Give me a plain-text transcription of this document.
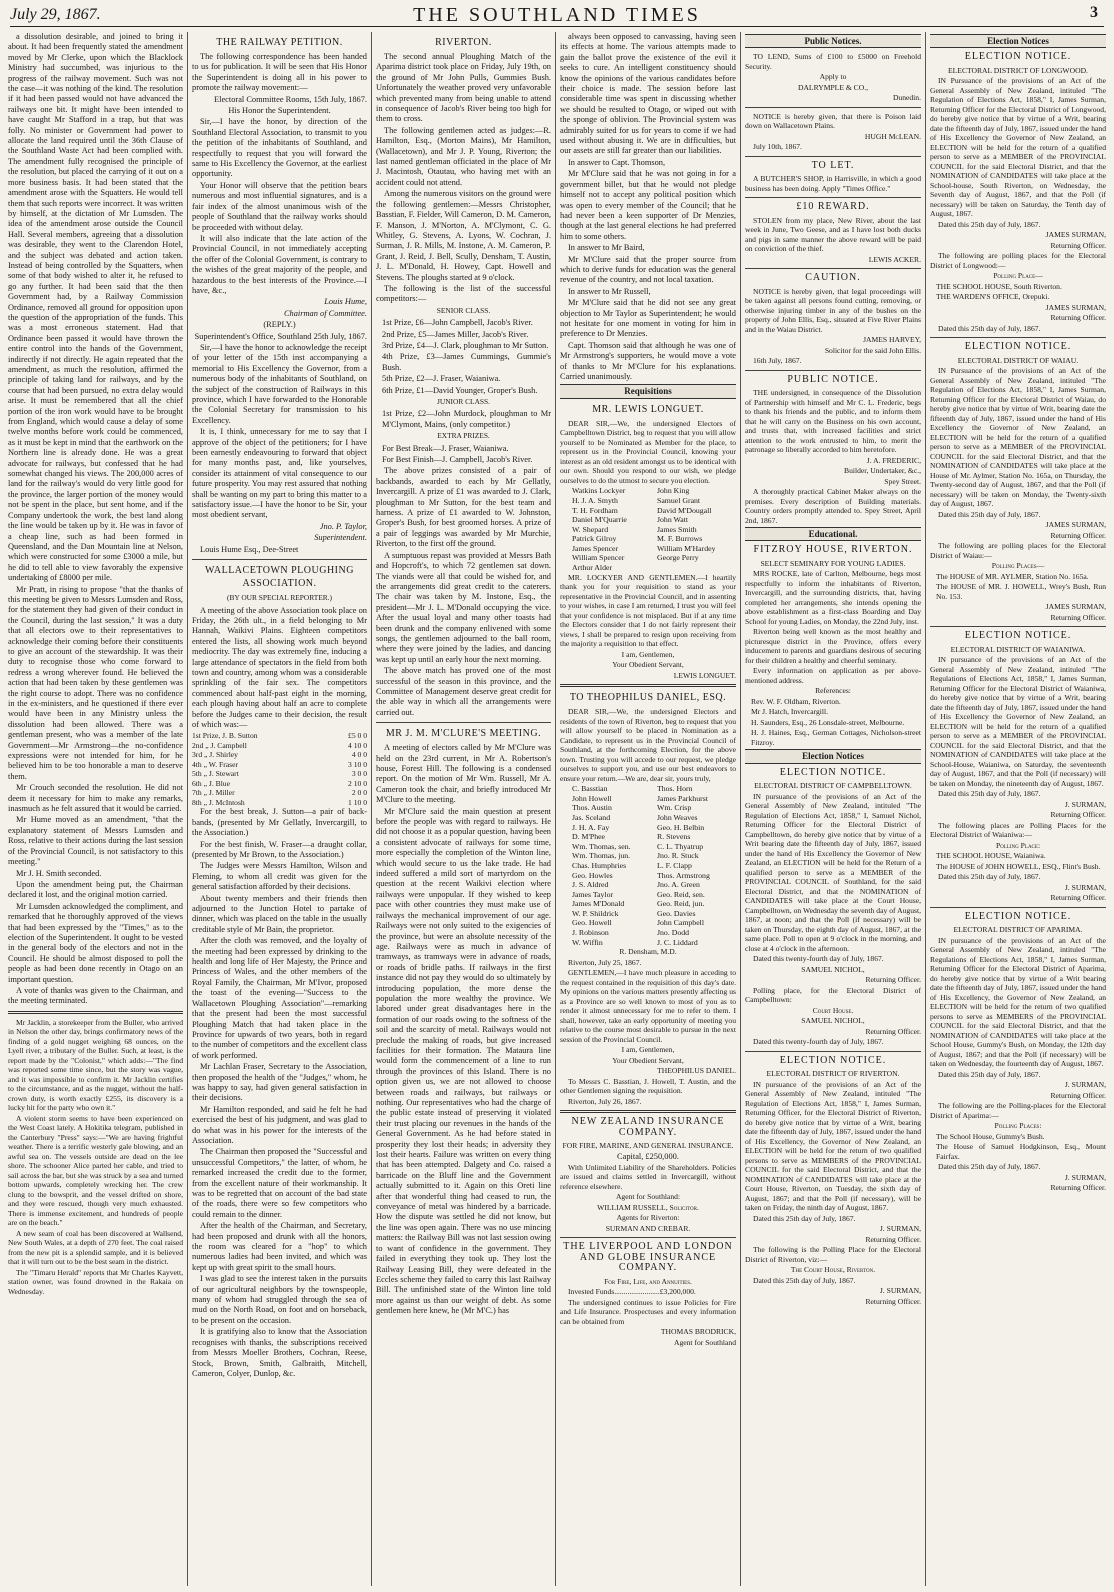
July 29, 1867.	THE SOUTHLAND TIMES	3

a dissolution desirable, and joined to bring it about. It had been frequently stated the amendment moved by Mr Clerke, upon which the Blacklock Ministry had succumbed, was injurious to the progress of the railway movement. Such was not the case—it was nothing of the kind. The resolution if it had been passed would not have advanced the railways one bit. It might have been intended to have caught Mr Stafford in a trap, but that was folly. No minister or Government had power to allocate the land required until the 36th Clause of the Southland Waste Act had been complied with. The amendment fully recognised the principle of the resolution, but placed the carrying of it out on a more business basis. It had been stated that the amendment arose with the Squatters. He would tell them that such reports were incorrect. It was written by himself, at the dictation of Mr Lumsden. The idea of the amendment arose outside the Council Hall. Several members, agreeing that a dissolution was desirable, they went to the Clarendon Hotel, and the subject was debated and action taken. Instead of being controlled by the Squatters, when some of that body wished to alter it, he refused to go any further. It had been said that the then Government had, by a Railway Commission Ordinance, removed all ground for opposition upon the question of the appropriation of the funds. This was a most erroneous statement. Had that Ordinance been passed it would have thrown the entire control into the hands of the Government, indirectly if not directly. He again repeated that the amendment, as much the resolution, affirmed the principle of taking land for railways, and by the course that had been pursued, no extra delay would arise. It must be remembered that all the chief portion of the iron work would have to be brought from England, which would cause a delay of some twelve months before work could be commenced, as it must be kept in mind that the earthwork on the Northern line is already done. He was a great advocate for railways, but confessed that he had somewhat changed his views. The 200,000 acres of land for the railway's would do very little good for the province, the larger portion of the money would not be spent in the place, but sent home, and if the Company undertook the work, the best land along the line would be taken up by it. He was in favor of a cheap line, such as had been formed in Queensland, and the Dan Mountain line at Nelson, which were constructed for some £3000 a mile, but he did to tell able to view favorably the expensive undertaking of £8000 per mile.

Mr Pratt, in rising to propose "that the thanks of this meeting be given to Messrs Lumsden and Ross, for the statement they had given of their conduct in the Council, during the last session," It was a duty that all electors owe to their representatives to acknowledge their coming before their constituents to give an account of the stewardship. It was their duty to recognise those who come forward to redress a wrong wherever found. He believed the action that had been taken by these gentlemen was the right course to adopt. There was no confidence in the ex-ministers, and he questioned if there ever would have been in any Ministry unless the dissolution had been allowed. There was a gentleman present, who was a member of the late Government—Mr Armstrong—the no-confidence expressions were not intended for him, for he believed him to be too honorable a man to deserve them.

Mr Crouch seconded the resolution. He did not deem it necessary for him to make any remarks, inasmuch as he felt assured that it would be carried.

Mr Hume moved as an amendment, "that the explanatory statement of Messrs Lumsden and Ross, relative to their actions during the last session of the Provincial Council, is not satisfactory to this meeting."

Mr J. H. Smith seconded.

Upon the amendment being put, the Chairman declared it lost, and the original motion carried.

Mr Lumsden acknowledged the compliment, and remarked that he thoroughly approved of the views that had been expressed by the "Times," as to the election of the Superintendent. It ought to be vested in the general body of the electors and not in the Council. He should be almost disposed to poll the people as had been done recently in Otago on an important question.

A vote of thanks was given to the Chairman, and the meeting terminated.

Mr Jacklin, a storekeeper from the Buller, who arrived in Nelson the other day, brings confirmatory news of the finding of a gold nugget weighing 68 ounces, on the Lyell river, a tributary of the Buller. Such, at least, is the report made by the "Colonist," which adds:—"The find was reported some time since, but the story was vague, and it was impossible to confirm it. Mr Jacklin certifies to the circumstance, and as the nugget, without the half-crown duty, is worth exactly £255, its discovery is a lucky hit for the party who own it."

A violent storm seems to have been experienced on the West Coast lately. A Hokitika telegram, published in the Canterbury "Press" says:—"We are having frightful weather. There is a terrific westerly gale blowing, and an awful sea on. The vessels outside are dead on the lee shore. The schooner Alice parted her cable, and tried to sail across the bar, but she was struck by a sea and turned bottom upwards, completely wrecking her. The crew clung to the bowsprit, and the vessel drifted on shore, and they were rescued, though very much exhausted. There is immense excitement, and hundreds of people are on the beach."

A new seam of coal has been discovered at Wallsend, New South Wales, at a depth of 270 feet. The coal raised from the new pit is a splendid sample, and it is believed that it will turn out to be the best seam in the district.

The "Timaru Herald" reports that Mr Charles Kayvett, station owner, was found drowned in the Rakaia on Wednesday.

THE RAILWAY PETITION.

The following correspondence has been handed to us for publication. It will be seen that His Honor the Superintendent is doing all in his power to promote the railway movement:—

Electoral Committee Rooms, 15th July, 1867.

His Honor the Superintendent.

Sir,—I have the honor, by direction of the Southland Electoral Association, to transmit to you the petition of the inhabitants of Southland, and respectfully to request that you will forward the same to His Excellency the Governor, at the earliest opportunity.

Your Honor will observe that the petition bears numerous and most influential signatures, and is a fair index of the almost unanimous wish of the people of Southland that the railway works should be proceeded with without delay.

It will also indicate that the late action of the Provincial Council, in not immediately accepting the offer of the Colonial Government, is contrary to the wishes of the great majority of the people, and hazardous to the best interests of the Province.—I have, &c.,

Louis Hume,

Chairman of Committee.

(REPLY.)

Superintendent's Office, Southland 25th July, 1867.

Sir,—I have the honor to acknowledge the receipt of your letter of the 15th inst accompanying a memorial to His Excellency the Governor, from a numerous body of the inhabitants of Southland, on the subject of the construction of Railways in this province, which I have forwarded to the Honorable the Colonial Secretary for transmission to his Excellency.

It is, I think, unnecessary for me to say that I approve of the object of the petitioners; for I have been earnestly endeavouring to forward that object for many months past, and, like yourselves, consider its attainment of vital consequence to our future prosperity. You may rest assured that nothing shall be wanting on my part to bring this matter to a satisfactory issue.—I have the honor to be Sir, your most obedient servant,

Jno. P. Taylor,

Superintendent.

Louis Hume Esq., Dee-Street

WALLACETOWN PLOUGHING ASSOCIATION.
(BY OUR SPECIAL REPORTER.)

A meeting of the above Association took place on Friday, the 26th ult., in a field belonging to Mr Hannah, Waikivi Plains. Eighteen competitors entered the lists, all showing work much beyond mediocrity. The day was extremely fine, inducing a large attendance of spectators in the field from both town and country, among whom was a considerable sprinkling of the fair sex. The competitors commenced about half-past eight in the morning, each plough having about half an acre to complete before the Judges came to their decision, the result of which was:—

1st Prize, J. B. Sutton	£5 0 0
2nd „ J. Campbell	4 10 0
3rd „ J. Shirley	4 0 0
4th „ W. Fraser	3 10 0
5th „ J. Stewart	3 0 0
6th „ J. Blue	2 10 0
7th „ J. Miller	2 0 0
8th „ J. McIntosh	1 10 0

For the best break, J. Sutton—a pair of back-bands, (presented by Mr Gellatly, Invercargill, to the Association.)

For the best finish, W. Fraser—a draught collar, (presented by Mr Brown, to the Association.)

The Judges were Messrs Hamilton, Wilson and Fleming, to whom all credit was given for the general satisfaction afforded by their decisions.

About twenty members and their friends then adjourned to the Junction Hotel to partake of dinner, which was placed on the table in the usually creditable style of Mr Bain, the proprietor.

After the cloth was removed, and the loyalty of the meeting had been expressed by drinking to the health and long life of Her Majesty, the Prince and Princess of Wales, and the other members of the Royal Family, the Chairman, Mr M'Ivor, proposed the toast of the evening—"Success to the Wallacetown Ploughing Association"—remarking that the present had been the most successful Ploughing Match that had taken place in the Province for upwards of two years, both in regard to the number of competitors and the excellent class of work performed.

Mr Lachlan Fraser, Secretary to the Association, then proposed the health of the "Judges," whom, he was happy to say, had given general satisfaction in their decisions.

Mr Hamilton responded, and said he felt he had exercised the best of his judgment, and was glad to do what was in his power for the interests of the Association.

The Chairman then proposed the "Successful and unsuccessful Competitors," the latter, of whom, he remarked increased the credit due to the former, from the excellent nature of their workmanship. It was to be regretted that on account of the bad state of the roads, there were so few competitors who could remain to the dinner.

After the health of the Chairman, and Secretary, had been proposed and drunk with all the honors, the room was cleared for a "hop" to which numerous ladies had been invited, and which was kept up with great spirit to the small hours.

I was glad to see the interest taken in the pursuits of our agricultural neighbors by the townspeople, many of whom had struggled through the sea of mud on the North Road, on foot and on horseback, to be present on the occasion.

It is gratifying also to know that the Association recognises with thanks, the subscriptions received from Messrs Moeller Brothers, Cochran, Reese, Stock, Brown, Smith, Galbraith, Mitchell, Cameron, Colyer, Dunlop, &c.

RIVERTON.

The second annual Ploughing Match of the Aparima district took place on Friday, July 19th, on the ground of Mr John Pulls, Gummies Bush. Unfortunately the weather proved very unfavorable which prevented many from being unable to attend in consequence of Jacob's River being too high for them to cross.

The following gentlemen acted as judges:—R. Hamilton, Esq., (Morton Mains), Mr Hamilton, (Wallacetown), and Mr J. P. Young, Riverton; the last named gentleman officiated in the place of Mr J. Macintosh, Otautau, who having met with an accident could not attend.

Among the numerous visitors on the ground were the following gentlemen:—Messrs Christopher, Basstian, F. Fielder, Will Cameron, D. M. Cameron, F. Manson, J. M'Norton, A. M'Clymont, C. G. Whitley, G. Stevens, A. Lyons, W. Cochran, J. Surman, J. R. Mills, M. Instone, A. M. Cameron, P. Grant, J. Reid, J. Bell, Scully, Densham, T. Austin, J. L. M'Donald, H. Howey, Capt. Howell and Stevens. The ploughs started at 9 o'clock.

The following is the list of the successful competitors:—

SENIOR CLASS.

1st Prize, £6—John Campbell, Jacob's River.

2nd Prize, £5—James Miller, Jacob's River.

3rd Prize, £4—J. Clark, ploughman to Mr Sutton.

4th Prize, £3—James Cummings, Gummie's Bush.

5th Prize, £2—J. Fraser, Waianiwa.

6th Prize, £1—David Younger, Groper's Bush.

JUNIOR CLASS.

1st Prize, £2—John Murdock, ploughman to Mr M'Clymont, Mains, (only competitor.)

EXTRA PRIZES.

For Best Break—J. Fraser, Waianiwa.

For Best Finish—J. Campbell, Jacob's River.

The above prizes consisted of a pair of backbands, awarded to each by Mr Gellatly, Invercargill. A prize of £1 was awarded to J. Clark, ploughman to Mr Sutton, for the best team and harness. A prize of £1 awarded to W. Johnston, Groper's Bush, for best groomed horses. A prize of a pair of leggings was awarded by Mr Murchie, Riverton, to the first off the ground.

A sumptuous repast was provided at Messrs Bath and Hopcroft's, to which 72 gentlemen sat down. The viands were all that could be wished for, and the arrangements did great credit to the caterers. The chair was taken by M. Instone, Esq., the president—Mr J. L. M'Donald occupying the vice. After the usual loyal and many other toasts had been drunk and the company enlivened with some songs, the gentlemen adjourned to the ball room, where they were joined by the ladies, and dancing was kept up until an early hour the next morning.

The above match has proved one of the most successful of the season in this province, and the Committee of Management deserve great credit for the able way in which all the arrangements were carried out.

MR J. M. M'CLURE'S MEETING.

A meeting of electors called by Mr M'Clure was held on the 23rd current, in Mr A. Robertson's house, Forest Hill. The following is a condensed report. On the motion of Mr Wm. Russell, Mr A. Cameron took the chair, and briefly introduced Mr M'Clure to the meeting.

Mr M'Clure said the main question at present before the people was with regard to railways. He did not choose it as a popular question, having been a consistent advocate of railways for some time, more especially the completion of the Winton line, which would secure to us the lake trade. He had indeed suffered a mild sort of martyrdom on the question at the recent Waikivi election where railways were unpopular. If they wished to keep pace with other countries they must make use of railways the mechanical improvement of our age. Railways were not only suited to the exigencies of the province, but were an absolute necessity of the age. Railways were as much in advance of tramways, as tramways were in advance of roads, or roads of bridle paths. If railways in the first instance did not pay they would do so ultimately by introducing population, the more dense the population the more wealthy the province. We labored under great disadvantages here in the formation of our roads owing to the softness of the soil and the scarcity of metal. Railways would not preclude the making of roads, but give increased facilities for their formation. The Mataura line would form the commencement of a line to run through the provinces of this Island. There is no option given us, we are not allowed to choose between roads and railways, but railways or nothing. Our representatives who had the charge of the public estate instead of preserving it violated their trust placing our revenues in the hands of the General Government. As he had before stated in prosperity they lost their heads; in adversity they lost their hearts. Failure was written on every thing that has been attempted. Dalgety and Co. raised a barricade on the Bluff line and the Government actually submitted to it. Again on this Oreti line after that wonderful thing had ceased to run, the conveyance of metal was hindered by a barricade. How the dispute was settled he did not know, but the line was open again. There was no use mincing matters: the Railway Bill was not last session owing to want of confidence in the government. They failed in everything they took up. They lost the Railway Leasing Bill, they were defeated in the Eccles scheme they failed to carry this last Railway Bill. The unfinished state of the Winton line told more against us than our weight of debt. As some gentlemen here knew, he (Mr M'C.) has

always been opposed to canvassing, having seen its effects at home. The various attempts made to gain the ballot prove the existence of the evil it seeks to cure. An intelligent constituency should know the opinions of the various candidates before their choice is made. The session before last considerable time was spent in discussing whether we should be resulted to Otago, or wiped out with the sponge of oblivion. The Provincial system was admirably suited for us for years to come if we had used without abusing it. We are in difficulties, but our assets are still far greater than our liabilities.

In answer to Capt. Thomson,

Mr M'Clure said that he was not going in for a government billet, but that he would not pledge himself not to accept any political position which was open to every member of the Council; that he had never been a keen supporter of Dr Menzies, though at the last general elections he had preferred him to some others.

In answer to Mr Baird,

Mr M'Clure said that the proper source from which to derive funds for education was the general revenue of the country, and not local taxation.

In answer to Mr Russell,

Mr M'Clure said that he did not see any great objection to Mr Taylor as Superintendent; he would not hesitate for one moment in voting for him in preference to Dr Menzies.

Capt. Thomson said that although he was one of Mr Armstrong's supporters, he would move a vote of thanks to Mr M'Clure for his explanations. Carried unanimously.

Requisitions
MR. LEWIS LONGUET.

DEAR SIR,—We, the undersigned Electors of Campbelltown District, beg to request that you will allow yourself to be Nominated as Member for the place, to represent us in the Provincial Council, knowing your interest as an old resident amongst us to be identical with our own. Should you respond to our wish, we pledge ourselves to do the utmost to secure you election.

Watkins Lockyer
H. J. A. Smyth
T. H. Fordham
Daniel M'Quarrie
W. Shepard
Patrick Gilroy
James Spencer
William Spencer
Arthur Alder
John King
Samuel Grant
David M'Dougall
John Watt
James Smith
M. F. Burrows
William M'Hardey
George Perry

MR. LOCKYER AND GENTLEMEN.—I heartily thank you for your requisition to stand as your representative in the Provincial Council, and in assenting to your wishes, in case I am returned, I trust you will feel that your confidence is not misplaced. But if at any time the Electors consider that I do not fairly represent their views, I shall be prepared to resign upon receiving from the majority a requisition to that effect.

I am, Gentlemen,

Your Obedient Servant,

LEWIS LONGUET.

TO THEOPHILUS DANIEL, ESQ.

DEAR SIR,—We, the undersigned Electors and residents of the town of Riverton, beg to request that you will allow yourself to be placed in Nomination as a Candidate, to represent us in the Provincial Council of Southland, at the forthcoming Election, for the above town. Trusting you will accede to our request, we pledge ourselves to support you, and use our best endeavors to ensure your return.—We are, dear sir, yours truly,

C. Basstian
John Howell
Thos. Austin
Jas. Sceland
J. H. A. Fay
D. M'Phee
Wm. Thomas, sen.
Wm. Thomas, jun.
Chas. Humphries
Geo. Howles
J. S. Aldred
James Taylor
James M'Donald
W. P. Shildrick
Geo. Howell
J. Robinson
W. Wiffin
Thos. Horn
James Parkhurst
Wm. Crisp
John Weaves
Geo. H. Belbin
R. Stevens
C. L. Thyatrup
Jno. R. Stuck
L. F. Clapp
Thos. Armstrong
Jno. A. Green
Geo. Reid, sen.
Geo. Reid, jun.
Geo. Davies
John Campbell
Jno. Dodd
J. C. Liddard

R. Densham, M.D.

Riverton, July 25, 1867.

GENTLEMEN,—I have much pleasure in acceding to the request contained in the requisition of this day's date. My opinions on the various matters presently affecting us as a Province are so well known to most of you as to render it almost unnecessary for me to refer to them. I shall, however, take an early opportunity of meeting you relative to the course most desirable to pursue in the next session of the Provincial Council.

I am, Gentlemen,

Your Obedient Servant,

THEOPHILUS DANIEL.

To Messrs C. Basstian, J. Howell, T. Austin, and the other Gentlemen signing the requisition.

Riverton, July 26, 1867.

NEW ZEALAND INSURANCE COMPANY.

FOR FIRE, MARINE, AND GENERAL INSURANCE.

Capital, £250,000.

With Unlimited Liability of the Shareholders. Policies are issued and claims settled in Invercargill, without reference elsewhere.

Agent for Southland:

WILLIAM RUSSELL, Solicitor.

Agents for Riverton:

SURMAN AND CREBAR.

THE LIVERPOOL AND LONDON AND GLOBE INSURANCE COMPANY.

For Fire, Life, and Annuities.

Invested Funds........................£3,200,000.

The undersigned continues to issue Policies for Fire and Life Insurance. Prospectuses and every information can be obtained from

THOMAS BRODRICK,

Agent for Southland

Public Notices.

TO LEND, Sums of £100 to £5000 on Freehold Security.

Apply to

DALRYMPLE & CO.,

Dunedin.

NOTICE is hereby given, that there is Poison laid down on Wallacetown Plains.

HUGH McLEAN.

July 10th, 1867.

TO LET.

A BUTCHER'S SHOP, in Harrisville, in which a good business has been doing. Apply "Times Office."

£10 REWARD.

STOLEN from my place, New River, about the last week in June, Two Geese, and as I have lost both ducks and pigs in same manner the above reward will be paid on conviction of the thief.

LEWIS ACKER.

CAUTION.

NOTICE is hereby given, that legal proceedings will be taken against all persons found cutting, removing, or otherwise injuring timber in any of the bushes on the property of John Ellis, Esq., situated at Five River Plains and in the Waiau District.

JAMES HARVEY,

Solicitor for the said John Ellis.

16th July, 1867.

PUBLIC NOTICE.

THE undersigned, in consequence of the Dissolution of Partnership with himself and Mr C. L. Frederic, begs to thank his friends and the public, and to inform them that he will carry on the Business on his own account, and trusts that, with increased facilities and strict attention to the work entrusted to him, to merit the patronage so liberally accorded to him heretofore.

J. A. FREDERIC,

Builder, Undertaker, &c.,

Spey Street.

A thoroughly practical Cabinet Maker always on the premises. Every description of Building materials. Country orders promptly attended to. Spey Street, April 2nd, 1867.

Educational.
FITZROY HOUSE, RIVERTON.

SELECT SEMINARY FOR YOUNG LADIES.

MRS ROCKE, late of Carlton, Melbourne, begs most respectfully to inform the inhabitants of Riverton, Invercargill, and the surrounding districts, that, having completed her arrangements, she intends opening the above establishment as a first-class Boarding and Day School for young Ladies, on Monday, the 22nd July, inst.

Riverton being well known as the most healthy and picturesque district in the Province, offers every inducement to parents and guardians desirous of securing for their children a healthy and cheerful seminary.

Every information on application as per above-mentioned address.

References:

Rev. W. F. Oldham, Riverton.

Mr J. Hatch, Invercargill.

H. Saunders, Esq., 26 Lonsdale-street, Melbourne.

H. J. Haines, Esq., German Cottages, Nicholson-street Fitzroy.

Election Notices
ELECTION NOTICE.

ELECTORAL DISTRICT OF CAMPBELLTOWN.

IN pursuance of the provisions of an Act of the General Assembly of New Zealand, intituled "The Regulation of Elections Act, 1858," I, Samuel Nichol, Returning Officer for the Electoral District of Campbelltown, do hereby give notice that by virtue of a Writ bearing date the fifteenth day of July, 1867, issued under the hand of His Excellency the Governor of New Zealand, an ELECTION will be held for the Return of a qualified person to serve as a MEMBER of the PROVINCIAL COUNCIL of Southland, for the said Electoral District, and that the NOMINATION of CANDIDATES will take place at the Court House, Campbelltown, on Wednesday the seventh day of August, 1867, at noon; and that the Poll (if necessary) will be taken on Thursday, the eighth day of August, 1867, at the same place. Poll to open at 9 o'clock in the morning, and close at 4 o'clock in the afternoon.

Dated this twenty-fourth day of July, 1867.

SAMUEL NICHOL,

Returning Officer.

Polling place, for the Electoral District of Campbelltown:

Court House.

SAMUEL NICHOL,

Returning Officer.

Dated this twenty-fourth day of July, 1867.

ELECTION NOTICE.

ELECTORAL DISTRICT OF RIVERTON.

IN pursuance of the provisions of an Act of the General Assembly of New Zealand, intituled "The Regulation of Elections Act, 1858," I, James Surman, Returning Officer, for the Electoral District of Riverton, do hereby give notice that by virtue of a Writ, bearing date the fifteenth day of July, 1867, issued under the hand of His Excellency, the Governor of New Zealand, an ELECTION will be held for the return of two qualified persons to serve as MEMBERS of the PROVINCIAL COUNCIL for the said Electoral District, and that the NOMINATION of CANDIDATES will take place at the Court House, Riverton, on Tuesday, the sixth day of August, 1867; and that the Poll (if necessary), will be taken on Friday, the ninth day of August, 1867.

Dated this 25th day of July, 1867.

J. SURMAN,

Returning Officer.

The following is the Polling Place for the Electoral District of Riverton, viz:—

The Court House, Riverton.

Dated this 25th day of July, 1867.

J. SURMAN,

Returning Officer.

Election Notices
ELECTION NOTICE.

ELECTORAL DISTRICT OF LONGWOOD.

IN Pursuance of the provisions of an Act of the General Assembly of New Zealand, intituled "The Regulation of Elections Act, 1858," I, James Surman, Returning Officer for the Electoral District of Longwood, do hereby give notice that by virtue of a Writ, bearing date the fifteenth day of July, 1867, issued under the hand of His Excellency the Governor of New Zealand, an ELECTION will be held for the return of a qualified person to serve as a MEMBER of the PROVINCIAL COUNCIL for the said Electoral District, and that the NOMINATION of CANDIDATES will take place at the School-house, South Riverton, on Wednesday, the Seventh day of August, 1867, and that the Poll (if necessary) will be taken on Saturday, the Tenth day of August, 1867.

Dated this 25th day of July, 1867.

JAMES SURMAN,

Returning Officer.

The following are polling places for the Electoral District of Longwood:—

Polling Place—

THE SCHOOL HOUSE, South Riverton.

THE WARDEN'S OFFICE, Orepuki.

JAMES SURMAN,

Returning Officer.

Dated this 25th day of July, 1867.

ELECTION NOTICE.

ELECTORAL DISTRICT OF WAIAU.

IN Pursuance of the provisions of an Act of the General Assembly of New Zealand, intituled "The Regulation of Elections Act, 1858," I, James Surman, Returning Officer for the Electoral District of Waiau, do hereby give notice that by virtue of Writ, bearing date the fifteenth day of July, 1867, issued under the hand of His Excellency the Governor of New Zealand, an ELECTION will be held for the return of a qualified person to serve as a MEMBER of the PROVINCIAL COUNCIL for the said Electoral District, and that the NOMINATION of CANDIDATES will take place at the House of Mr. Aylmer, Station No. 165a, on Thursday, the Twenty-second day of August, 1867, and that the Poll (if necessary) will be taken on Monday, the Twenty-sixth day of August, 1867.

Dated this 25th day of July, 1867.

JAMES SURMAN,

Returning Officer.

The following are polling places for the Electoral District of Waiau:—

Polling Places—

The HOUSE of MR. AYLMER, Station No. 165a.

The HOUSE of MR. J. HOWELL, Wrey's Bush, Run No. 153.

JAMES SURMAN,

Returning Officer.

ELECTION NOTICE.

ELECTORAL DISTRICT OF WAIANIWA.

IN pursuance of the provisions of an Act of the General Assembly of New Zealand, intituled "The Regulations of Elections Act, 1858," I, James Surman, Returning Officer for the Electoral District of Waianiwa, do hereby give notice that by virtue of a Writ, bearing date the fifteenth day of July, 1867, issued under the hand of His Excellency the Governor of New Zealand, an ELECTION will be held for the return of a qualified person to serve as a MEMBER of the PROVINCIAL COUNCIL for the said Electoral District, and that the NOMINATION of CANDIDATES will take place at the School-House, Waianiwa, on Saturday, the seventeenth day of August, 1867, and that the Poll (if necessary) will be taken on Monday, the nineteenth day of August, 1867.

Dated this 25th day of July, 1867.

J. SURMAN,

Returning Officer.

The following places are Polling Places for the Electoral District of Waianiwa:—

Polling Place:

THE SCHOOL HOUSE, Waianiwa.

The HOUSE of JOHN HOWELL, ESQ., Flint's Bush.

Dated this 25th day of July, 1867.

J. SURMAN,

Returning Officer.

ELECTION NOTICE.

ELECTORAL DISTRICT OF APARIMA.

IN pursuance of the provisions of an Act of the General Assembly of New Zealand, intituled "The Regulations of Elections Act, 1858," I, James Surman, Returning Officer for the Electoral District of Aparima, do hereby give notice that by virtue of a Writ bearing date the fifteenth day of July, 1867, issued under the hand of His Excellency, the Governor of New Zealand, an ELECTION will be held for the return of two qualified persons to serve as MEMBERS of the PROVINCIAL COUNCIL for the said Electoral District, and that the NOMINATION of CANDIDATES will take place at the School House, Gummy's Bush, on Monday, the 12th day of August, 1867; and that the Poll (if necessary) will be taken on Wednesday, the fourteenth day of August, 1867.

Dated this 25th day of July, 1867.

J. SURMAN,

Returning Officer.

The following are the Polling-places for the Electoral District of Aparima:—

Polling Places:

The School House, Gummy's Bush.

The House of Samuel Hodgkinson, Esq., Mount Fairfax.

Dated this 25th day of July, 1867.

J. SURMAN,

Returning Officer.
